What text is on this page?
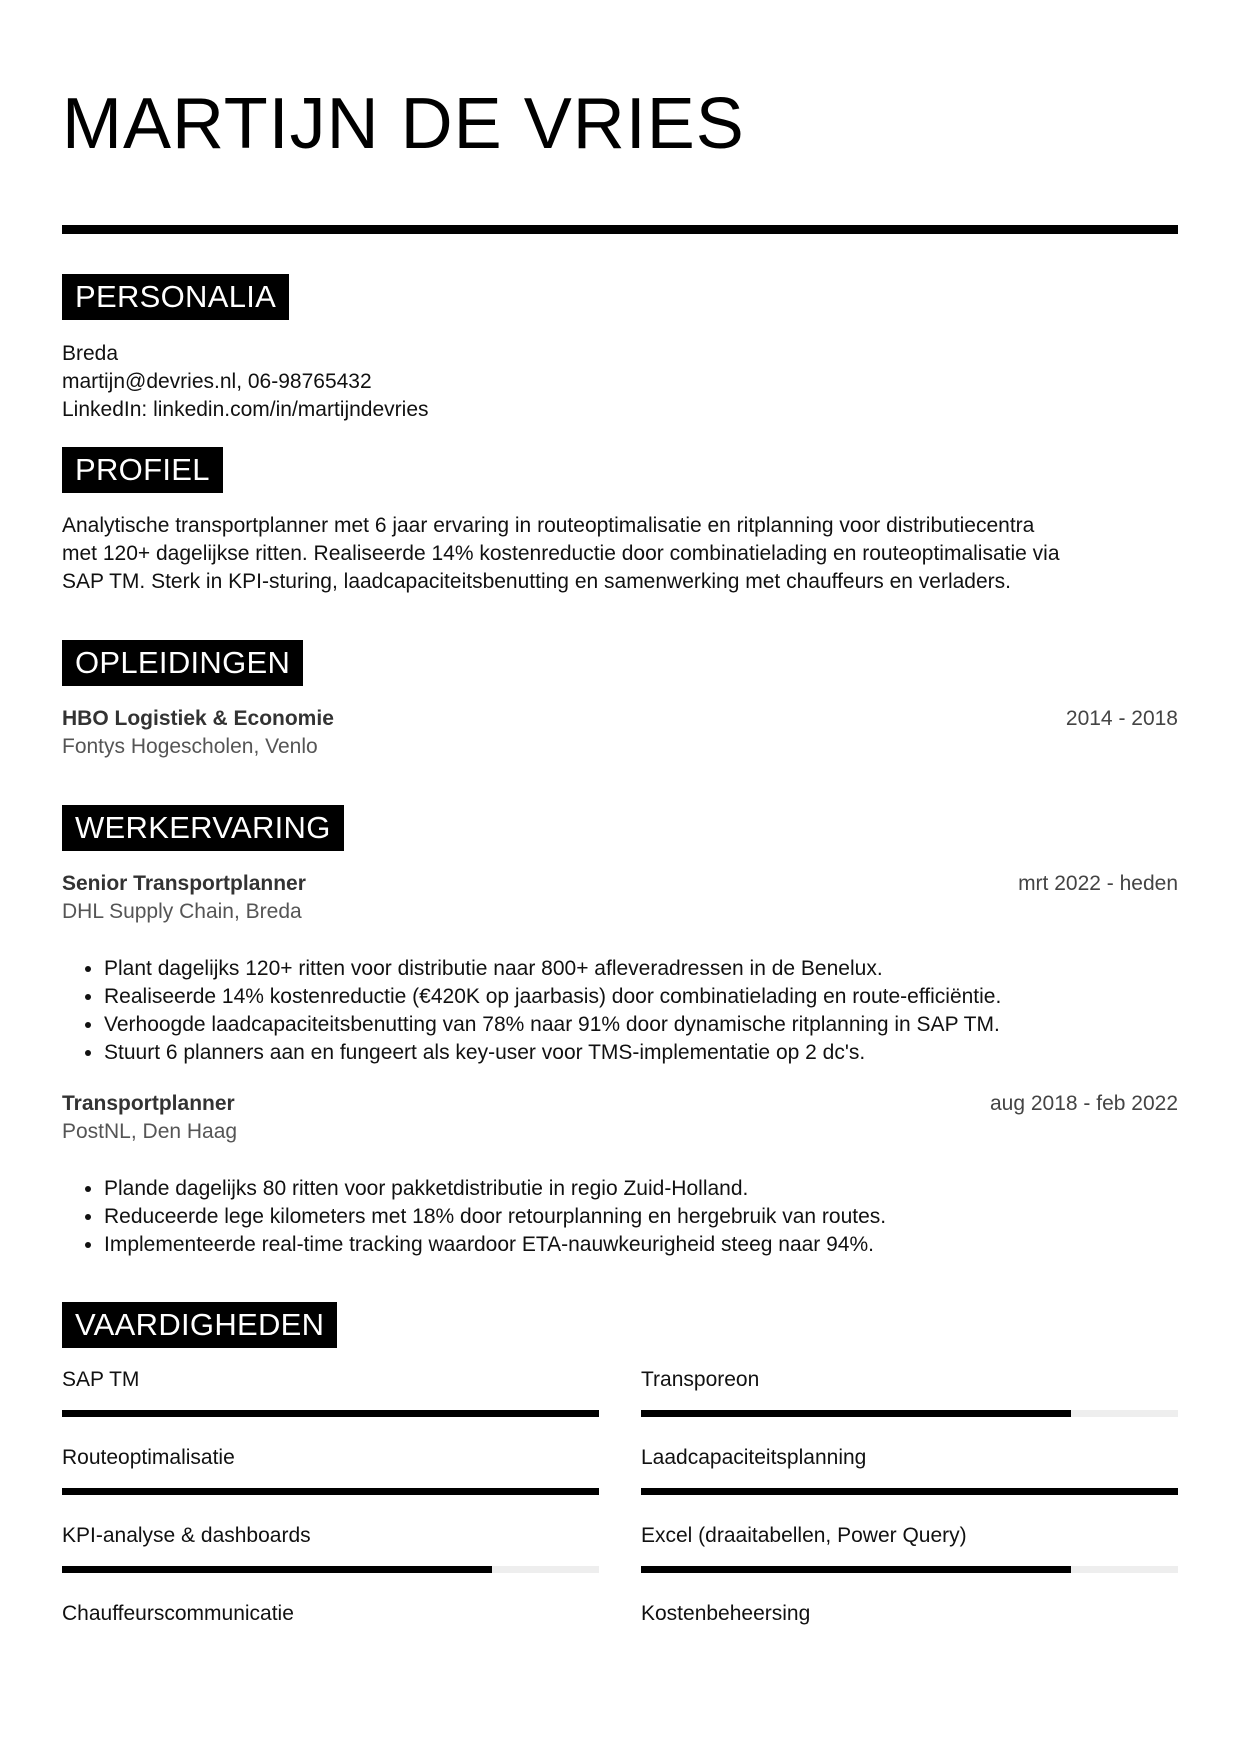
MARTIJN DE VRIES
PERSONALIA
Breda
martijn@devries.nl, 06-98765432
LinkedIn: linkedin.com/in/martijndevries
PROFIEL
Analytische transportplanner met 6 jaar ervaring in routeoptimalisatie en ritplanning voor distributiecentra
met 120+ dagelijkse ritten. Realiseerde 14% kostenreductie door combinatielading en routeoptimalisatie via
SAP TM. Sterk in KPI-sturing, laadcapaciteitsbenutting en samenwerking met chauffeurs en verladers.
OPLEIDINGEN
HBO Logistiek & Economie	2014 - 2018
Fontys Hogescholen, Venlo
WERKERVARING
Senior Transportplanner	mrt 2022 - heden
DHL Supply Chain, Breda
• Plant dagelijks 120+ ritten voor distributie naar 800+ afleveradressen in de Benelux.
• Realiseerde 14% kostenreductie (€420K op jaarbasis) door combinatielading en route-efficiëntie.
• Verhoogde laadcapaciteitsbenutting van 78% naar 91% door dynamische ritplanning in SAP TM.
• Stuurt 6 planners aan en fungeert als key-user voor TMS-implementatie op 2 dc's.
Transportplanner	aug 2018 - feb 2022
PostNL, Den Haag
• Plande dagelijks 80 ritten voor pakketdistributie in regio Zuid-Holland.
• Reduceerde lege kilometers met 18% door retourplanning en hergebruik van routes.
• Implementeerde real-time tracking waardoor ETA-nauwkeurigheid steeg naar 94%.
VAARDIGHEDEN
SAP TM	Transporeon
Routeoptimalisatie	Laadcapaciteitsplanning
KPI-analyse & dashboards	Excel (draaitabellen, Power Query)
Chauffeurscommunicatie	Kostenbeheersing
